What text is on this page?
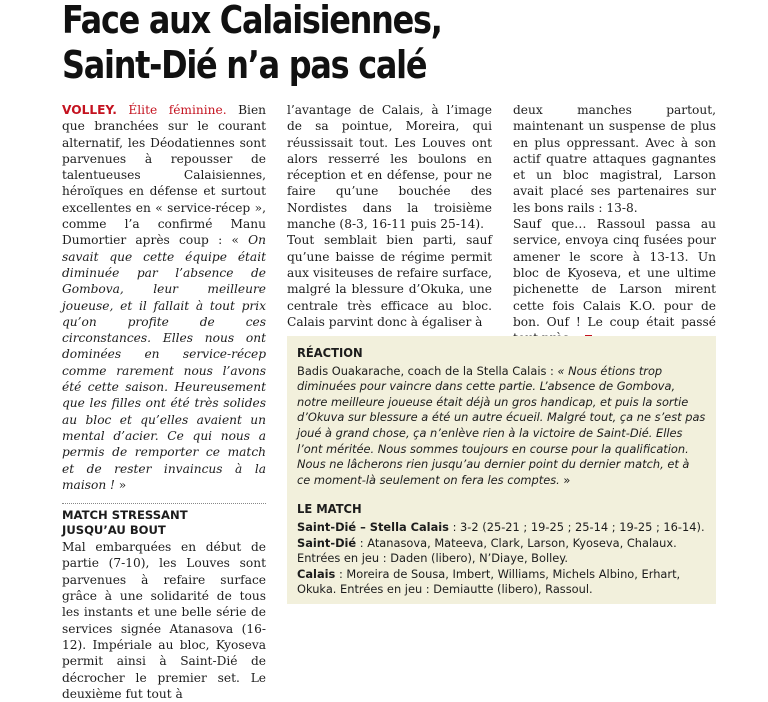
Face aux Calaisiennes,
Saint-Dié n’a pas calé

VOLLEY. Élite féminine. Bien que branchées sur le courant alternatif, les Déodatiennes sont parvenues à repousser de talentueuses Calaisiennes, héroïques en défense et surtout excellentes en « service-récep », comme l’a confirmé Manu Dumortier après coup : « On savait que cette équipe était diminuée par l’absence de Gombova, leur meilleure joueuse, et il fallait à tout prix qu’on profite de ces circonstances. Elles nous ont dominées en service-récep comme rarement nous l’avons été cette saison. Heureusement que les filles ont été très solides au bloc et qu’elles avaient un mental d’acier. Ce qui nous a permis de remporter ce match et de rester invaincus à la maison ! »

MATCH STRESSANT
JUSQU’AU BOUT

Mal embarquées en début de partie (7-10), les Louves sont parvenues à refaire surface grâce à une solidarité de tous les instants et une belle série de services signée Atanasova (16-12). Impériale au bloc, Kyoseva permit ainsi à Saint-Dié de décrocher le premier set. Le deuxième fut tout à

l’avantage de Calais, à l’image de sa pointue, Moreira, qui réussissait tout. Les Louves ont alors resserré les boulons en réception et en défense, pour ne faire qu’une bouchée des Nordistes dans la troisième manche (8-3, 16-11 puis 25-14).

Tout semblait bien parti, sauf qu’une baisse de régime permit aux visiteuses de refaire surface, malgré la blessure d’Okuka, une centrale très efficace au bloc. Calais parvint donc à égaliser à

deux manches partout, maintenant un suspense de plus en plus oppressant. Avec à son actif quatre attaques gagnantes et un bloc magistral, Larson avait placé ses partenaires sur les bons rails : 13-8.

Sauf que… Rassoul passa au service, envoya cinq fusées pour amener le score à 13-13. Un bloc de Kyoseva, et une ultime pichenette de Larson mirent cette fois Calais K.O. pour de bon. Ouf ! Le coup était passé

RÉACTION

Badis Ouakarache, coach de la Stella Calais : « Nous étions trop diminuées pour vaincre dans cette partie. L’absence de Gombova, notre meilleure joueuse était déjà un gros handicap, et puis la sortie d’Okuva sur blessure a été un autre écueil. Malgré tout, ça ne s’est pas joué à grand chose, ça n’enlève rien à la victoire de Saint-Dié. Elles l’ont méritée. Nous sommes toujours en course pour la qualification. Nous ne lâcherons rien jusqu’au dernier point du dernier match, et à ce moment-là seulement on fera les comptes. »

LE MATCH

Saint-Dié – Stella Calais : 3-2 (25-21 ; 19-25 ; 25-14 ; 19-25 ; 16-14).

Saint-Dié : Atanasova, Mateeva, Clark, Larson, Kyoseva, Chalaux.

Entrées en jeu : Daden (libero), N’Diaye, Bolley.

Calais : Moreira de Sousa, Imbert, Williams, Michels Albino, Erhart, Okuka. Entrées en jeu : Demiautte (libero), Rassoul.
